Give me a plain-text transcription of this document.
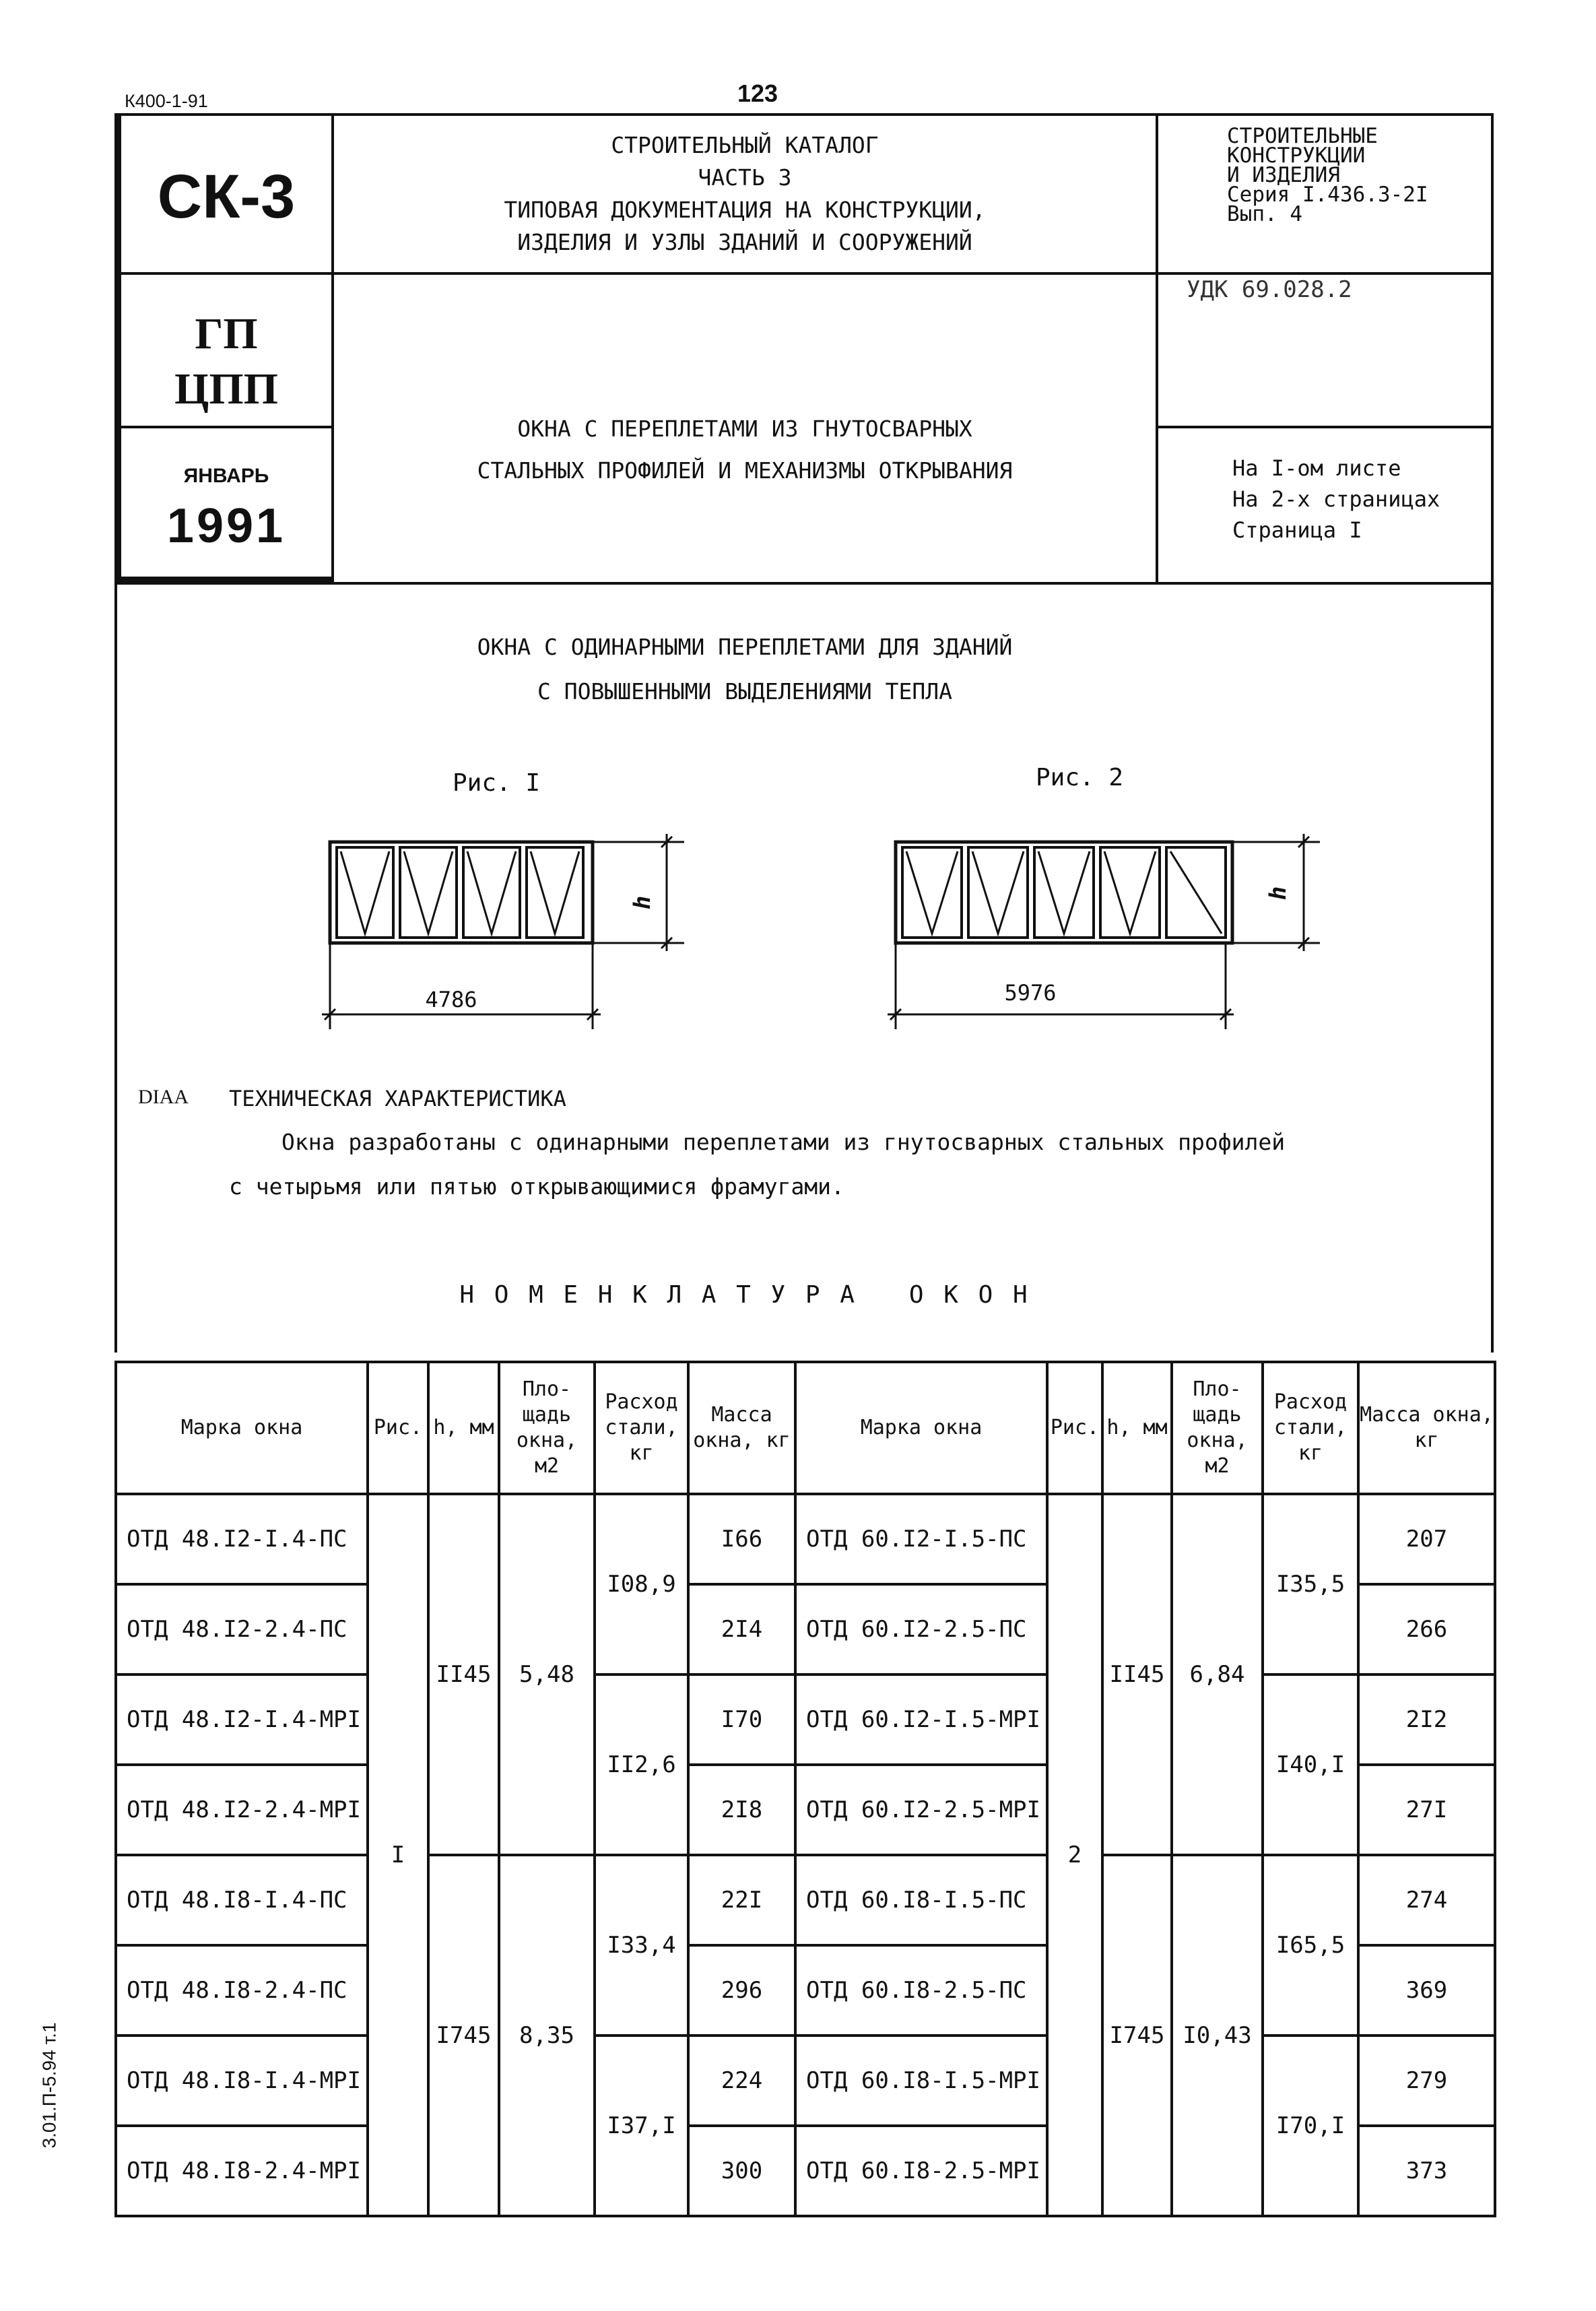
К400-1-91	123
СК-3
СТРОИТЕЛЬНЫЙ КАТАЛОГ
ЧАСТЬ 3
ТИПОВАЯ ДОКУМЕНТАЦИЯ НА КОНСТРУКЦИИ,
ИЗДЕЛИЯ И УЗЛЫ ЗДАНИЙ И СООРУЖЕНИЙ
СТРОИТЕЛЬНЫЕ
КОНСТРУКЦИИ
И ИЗДЕЛИЯ
Серия I.436.3-2I
Вып. 4
ГП
ЦПП
УДК 69.028.2
ОКНА С ПЕРЕПЛЕТАМИ ИЗ ГНУТОСВАРНЫХ
СТАЛЬНЫХ ПРОФИЛЕЙ И МЕХАНИЗМЫ ОТКРЫВАНИЯ
ЯНВАРЬ
1991
На I-ом листе
На 2-х страницах
Страница I
ОКНА С ОДИНАРНЫМИ ПЕРЕПЛЕТАМИ ДЛЯ ЗДАНИЙ
С ПОВЫШЕННЫМИ ВЫДЕЛЕНИЯМИ ТЕПЛА
Рис. I	Рис. 2
h
4786
h
5976
DIAA ТЕХНИЧЕСКАЯ ХАРАКТЕРИСТИКА
Окна разработаны с одинарными переплетами из гнутосварных стальных профилей
с четырьмя или пятью открывающимися фрамугами.
Н О М Е Н К Л А Т У Р А   О К О Н
Марка окна	Рис.	h, мм	Пло-щадь окна, м2	Расход стали, кг	Масса окна, кг	Марка окна	Рис.	h, мм	Пло-щадь окна, м2	Расход стали, кг	Масса окна, кг
ОТД 48.I2-I.4-ПС	I	II45	5,48	I08,9	I66	ОТД 60.I2-I.5-ПС	2	II45	6,84	I35,5	207
ОТД 48.I2-2.4-ПС					2I4	ОТД 60.I2-2.5-ПС					266
ОТД 48.I2-I.4-МРI				II2,6	I70	ОТД 60.I2-I.5-МРI				I40,I	2I2
ОТД 48.I2-2.4-МРI					2I8	ОТД 60.I2-2.5-МРI					27I
ОТД 48.I8-I.4-ПС		I745	8,35	I33,4	22I	ОТД 60.I8-I.5-ПС		I745	I0,43	I65,5	274
ОТД 48.I8-2.4-ПС					296	ОТД 60.I8-2.5-ПС					369
ОТД 48.I8-I.4-МРI				I37,I	224	ОТД 60.I8-I.5-МРI				I70,I	279
ОТД 48.I8-2.4-МРI					300	ОТД 60.I8-2.5-МРI					373
3.01.П-5.94 т.1
